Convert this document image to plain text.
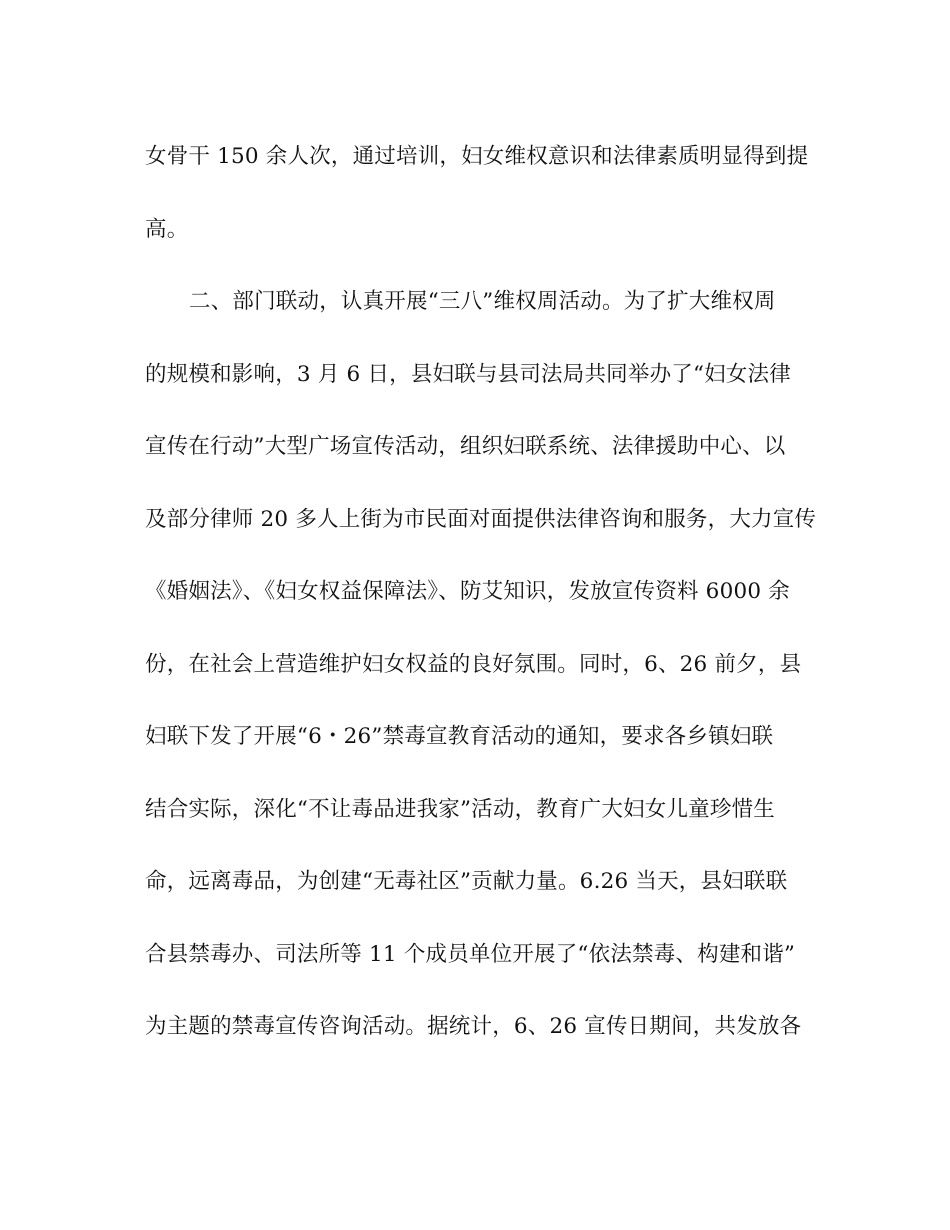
女骨干 150 余人次，通过培训，妇女维权意识和法律素质明显得到提
高。
二、部门联动，认真开展“三八”维权周活动。为了扩大维权周
的规模和影响，3 月 6 日，县妇联与县司法局共同举办了“妇女法律
宣传在行动”大型广场宣传活动，组织妇联系统、法律援助中心、以
及部分律师 20 多人上街为市民面对面提供法律咨询和服务，大力宣传
《婚姻法》、《妇女权益保障法》、防艾知识，发放宣传资料 6000 余
份，在社会上营造维护妇女权益的良好氛围。同时，6、26 前夕，县
妇联下发了开展“6・26”禁毒宣教育活动的通知，要求各乡镇妇联
结合实际，深化“不让毒品进我家”活动，教育广大妇女儿童珍惜生
命，远离毒品，为创建“无毒社区”贡献力量。6.26 当天，县妇联联
合县禁毒办、司法所等 11 个成员单位开展了“依法禁毒、构建和谐”
为主题的禁毒宣传咨询活动。据统计，6、26 宣传日期间，共发放各
